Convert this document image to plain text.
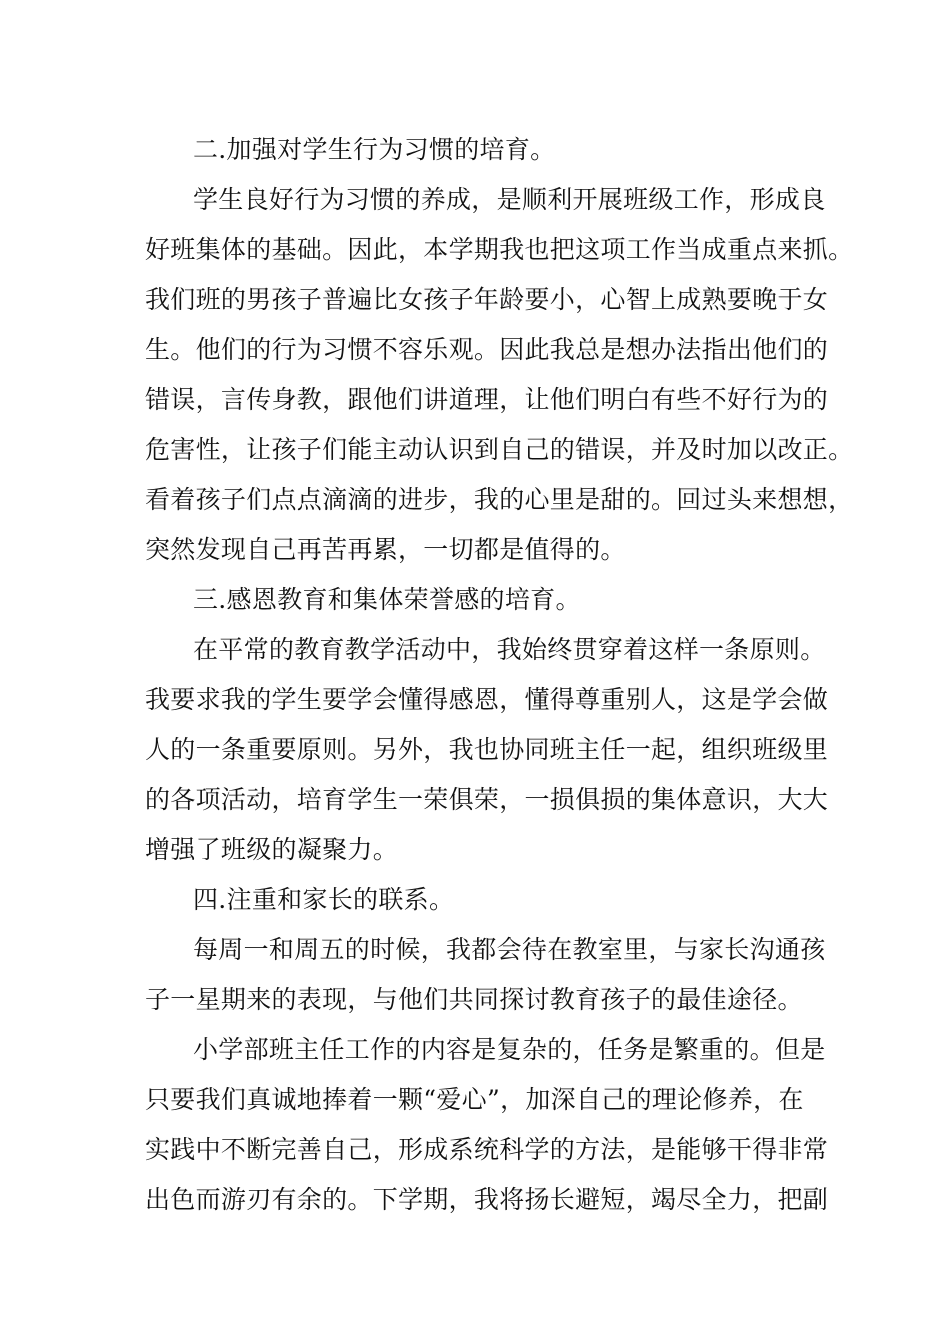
二.加强对学生行为习惯的培育。
学生良好行为习惯的养成，是顺利开展班级工作，形成良
好班集体的基础。因此，本学期我也把这项工作当成重点来抓。
我们班的男孩子普遍比女孩子年龄要小，心智上成熟要晚于女
生。他们的行为习惯不容乐观。因此我总是想办法指出他们的
错误，言传身教，跟他们讲道理，让他们明白有些不好行为的
危害性，让孩子们能主动认识到自己的错误，并及时加以改正。
看着孩子们点点滴滴的进步，我的心里是甜的。回过头来想想，
突然发现自己再苦再累，一切都是值得的。
三.感恩教育和集体荣誉感的培育。
在平常的教育教学活动中，我始终贯穿着这样一条原则。
我要求我的学生要学会懂得感恩，懂得尊重别人，这是学会做
人的一条重要原则。另外，我也协同班主任一起，组织班级里
的各项活动，培育学生一荣俱荣，一损俱损的集体意识，大大
增强了班级的凝聚力。
四.注重和家长的联系。
每周一和周五的时候，我都会待在教室里，与家长沟通孩
子一星期来的表现，与他们共同探讨教育孩子的最佳途径。
小学部班主任工作的内容是复杂的，任务是繁重的。但是
只要我们真诚地捧着一颗“爱心”，加深自己的理论修养，在
实践中不断完善自己，形成系统科学的方法，是能够干得非常
出色而游刃有余的。下学期，我将扬长避短，竭尽全力，把副
